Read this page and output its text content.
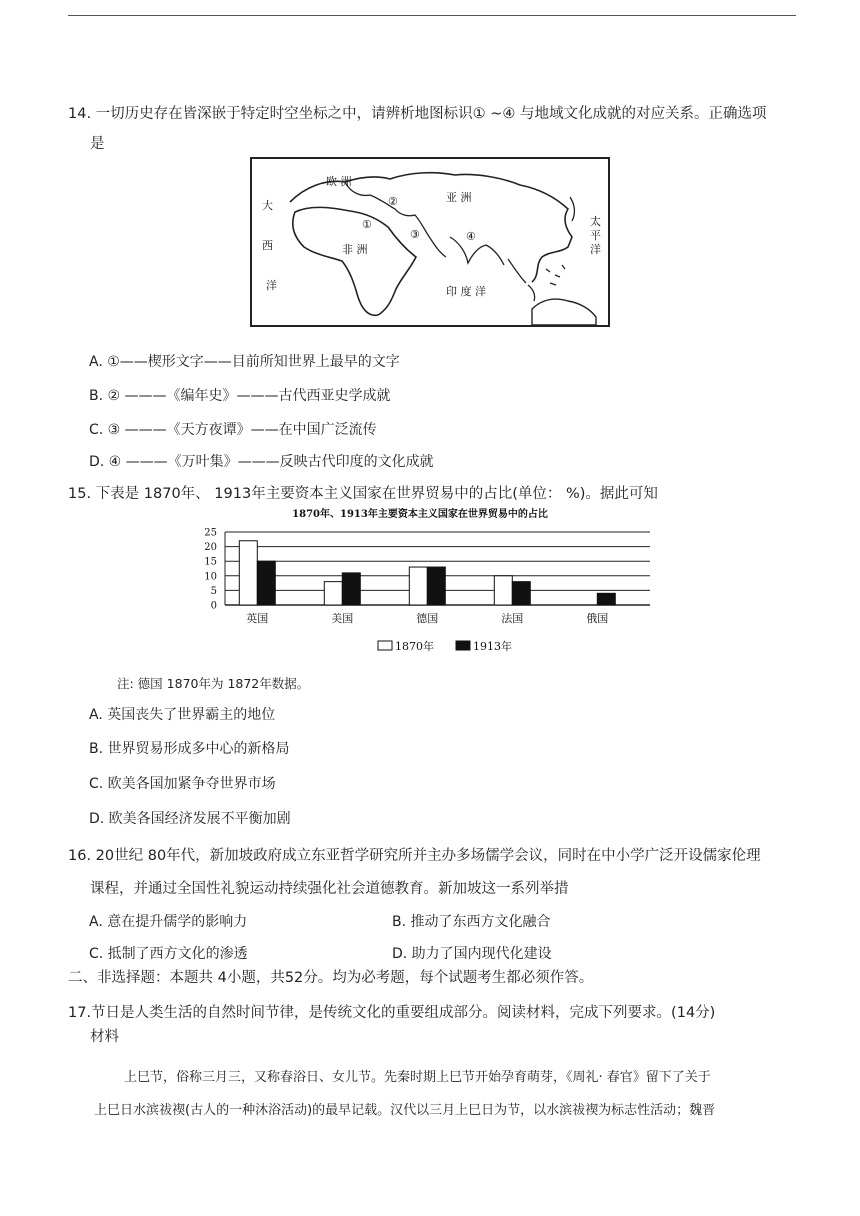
14. 一切历史存在皆深嵌于特定时空坐标之中，请辨析地图标识① ~④ 与地域文化成就的对应关系。正确选项
是
欧 洲
亚 洲
非 洲
大
西
洋
太
平
洋
印 度 洋
①
②
③	④
A. ①——楔形文字——目前所知世界上最早的文字
B. ② ———《编年史》———古代西亚史学成就
C. ③ ———《天方夜谭》——在中国广泛流传
D. ④ ———《万叶集》———反映古代印度的文化成就
15. 下表是 1870年、 1913年主要资本主义国家在世界贸易中的占比(单位： %)。据此可知
1870年、1913年主要资本主义国家在世界贸易中的占比
0
5
10
15
20
25
英国	美国	德国	法国	俄国
1870年	1913年
注: 德国 1870年为 1872年数据。
A. 英国丧失了世界霸主的地位
B. 世界贸易形成多中心的新格局
C. 欧美各国加紧争夺世界市场
D. 欧美各国经济发展不平衡加剧
16. 20世纪 80年代，新加坡政府成立东亚哲学研究所并主办多场儒学会议，同时在中小学广泛开设儒家伦理
课程，并通过全国性礼貌运动持续强化社会道德教育。新加坡这一系列举措
A. 意在提升儒学的影响力	B. 推动了东西方文化融合
C. 抵制了西方文化的渗透	D. 助力了国内现代化建设
二、非选择题：本题共 4小题，共52分。均为必考题，每个试题考生都必须作答。
17.节日是人类生活的自然时间节律，是传统文化的重要组成部分。阅读材料，完成下列要求。(14分)
材料
上巳节，俗称三月三，又称春浴日、女儿节。先秦时期上巳节开始孕育萌芽，《周礼· 春官》留下了关于
上巳日水滨祓禊(古人的一种沐浴活动)的最早记载。汉代以三月上巳日为节，以水滨祓禊为标志性活动；魏晋
